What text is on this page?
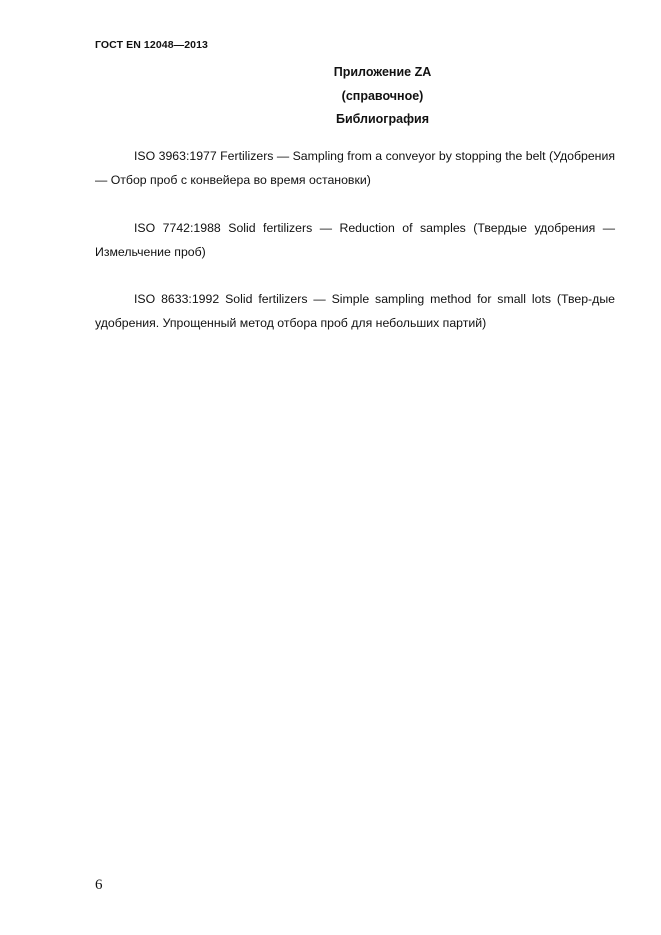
ГОСТ EN 12048—2013
Приложение ZA
(справочное)
Библиография

ISO 3963:1977 Fertilizers — Sampling from a conveyor by stopping the belt (Удобрения — Отбор проб с конвейера во время остановки)

ISO 7742:1988 Solid fertilizers — Reduction of samples (Твердые удобрения — Измельчение проб)

ISO 8633:1992 Solid fertilizers — Simple sampling method for small lots (Твер-дые удобрения. Упрощенный метод отбора проб для небольших партий)

6
